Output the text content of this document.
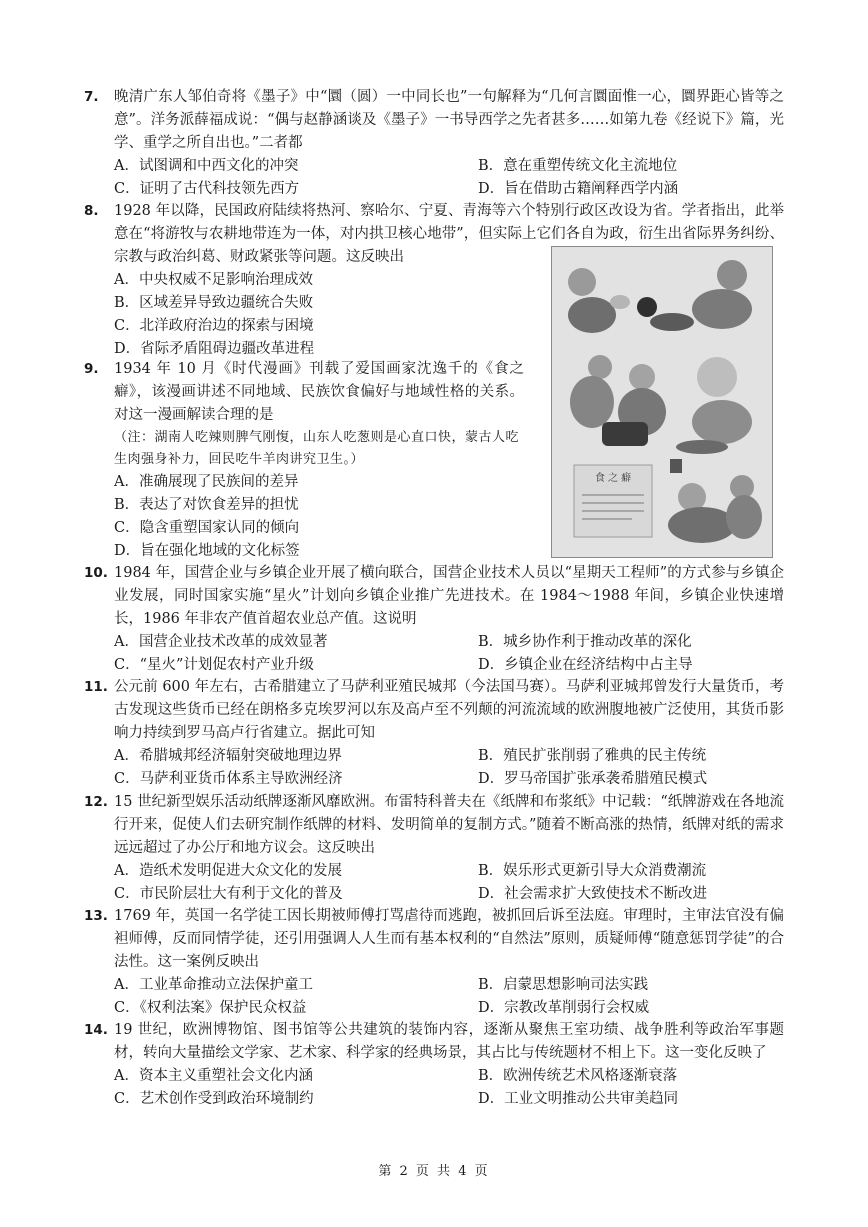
7.	晚清广东人邹伯奇将《墨子》中“圜（圆）一中同长也”一句解释为“几何言圜面惟一心，圜界距心皆等之意”。洋务派薛福成说：“偶与赵静涵谈及《墨子》一书导西学之先者甚多……如第九卷《经说下》篇，光学、重学之所自出也。”二者都
A．试图调和中西文化的冲突	B．意在重塑传统文化主流地位
C．证明了古代科技领先西方	D．旨在借助古籍阐释西学内涵
8.	1928 年以降，民国政府陆续将热河、察哈尔、宁夏、青海等六个特别行政区改设为省。学者指出，此举意在“将游牧与农耕地带连为一体，对内拱卫核心地带”，但实际上它们各自为政，衍生出省际界务纠纷、宗教与政治纠葛、财政紧张等问题。这反映出
A．中央权威不足影响治理成效
B．区域差异导致边疆统合失败
C．北洋政府治边的探索与困境
D．省际矛盾阻碍边疆改革进程
9.	1934 年 10 月《时代漫画》刊载了爱国画家沈逸千的《食之癖》，该漫画讲述不同地域、民族饮食偏好与地域性格的关系。对这一漫画解读合理的是
（注：湖南人吃辣则脾气刚愎，山东人吃葱则是心直口快，蒙古人吃生肉强身补力，回民吃牛羊肉讲究卫生。）
A．准确展现了民族间的差异
B．表达了对饮食差异的担忧
C．隐含重塑国家认同的倾向
D．旨在强化地域的文化标签
食 之 癖
10. 1984 年，国营企业与乡镇企业开展了横向联合，国营企业技术人员以“星期天工程师”的方式参与乡镇企业发展，同时国家实施“星火”计划向乡镇企业推广先进技术。在 1984～1988 年间，乡镇企业快速增长，1986 年非农产值首超农业总产值。这说明
A．国营企业技术改革的成效显著	B．城乡协作利于推动改革的深化
C．“星火”计划促农村产业升级	D．乡镇企业在经济结构中占主导
11. 公元前 600 年左右，古希腊建立了马萨利亚殖民城邦（今法国马赛）。马萨利亚城邦曾发行大量货币，考古发现这些货币已经在朗格多克埃罗河以东及高卢至不列颠的河流流域的欧洲腹地被广泛使用，其货币影响力持续到罗马高卢行省建立。据此可知
A．希腊城邦经济辐射突破地理边界	B．殖民扩张削弱了雅典的民主传统
C．马萨利亚货币体系主导欧洲经济	D．罗马帝国扩张承袭希腊殖民模式
12. 15 世纪新型娱乐活动纸牌逐渐风靡欧洲。布雷特科普夫在《纸牌和布浆纸》中记载：“纸牌游戏在各地流行开来，促使人们去研究制作纸牌的材料、发明简单的复制方式。”随着不断高涨的热情，纸牌对纸的需求远远超过了办公厅和地方议会。这反映出
A．造纸术发明促进大众文化的发展	B．娱乐形式更新引导大众消费潮流
C．市民阶层壮大有利于文化的普及	D．社会需求扩大致使技术不断改进
13. 1769 年，英国一名学徒工因长期被师傅打骂虐待而逃跑，被抓回后诉至法庭。审理时，主审法官没有偏袒师傅，反而同情学徒，还引用强调人人生而有基本权利的“自然法”原则，质疑师傅“随意惩罚学徒”的合法性。这一案例反映出
A．工业革命推动立法保护童工	B．启蒙思想影响司法实践
C．《权利法案》保护民众权益	D．宗教改革削弱行会权威
14. 19 世纪，欧洲博物馆、图书馆等公共建筑的装饰内容，逐渐从聚焦王室功绩、战争胜利等政治军事题材，转向大量描绘文学家、艺术家、科学家的经典场景，其占比与传统题材不相上下。这一变化反映了
A．资本主义重塑社会文化内涵	B．欧洲传统艺术风格逐渐衰落
C．艺术创作受到政治环境制约	D．工业文明推动公共审美趋同
第 2 页 共 4 页
